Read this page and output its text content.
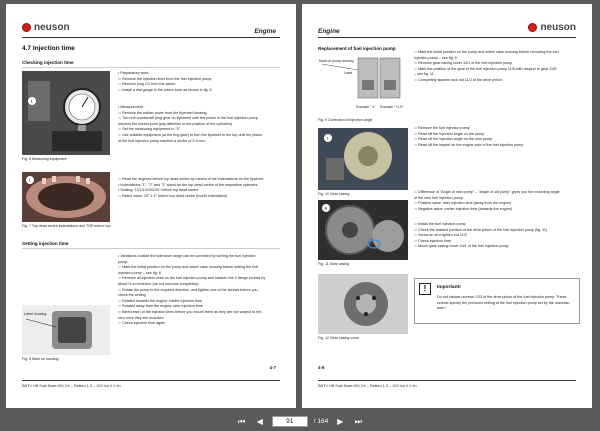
neuson	Engine
4.7 Injection time
Checking injection time
1
Fig. 6 Measuring equipment
• Preparatory work:
⇨ Remove the injection lines from the fuel injection pump
⇨ Remove plug 1/1 from the piston
⇨ Install a dial gauge in the piston bore as shown in fig. 6
• Measurement
⇨ Remove the rubber cover from the flywheel housing
⇨ Turn the crankshaft (ring gear on flywheel) until the piston in the fuel injection pump
reaches the lowest point (pay attention to the position of the cylinders)
⇨ Set the measuring equipment to "0".
⇨ Use suitable equipment (at the ring gear) to turn the flywheel to the top until the piston
of the fuel injection pump reaches a stroke of 2.5 mm.
1
Fig. 7 Top dead centre indentations and TOP before top
⇨ Read the degrees before top dead centre by means of the indentations on the flywheel
• Indentations "1", "2" and "3" stand for the top dead centre of the respective cylinders.
• Scaling: 12/1/10/20/120" before top dead centre
⇨ Rated value: 25° ± 1° before top dead centre (fourth indentation)
Setting injection time
Label housing
Fig. 8 Mark on housing
• Variations outside the tolerance range can be corrected by turning the fuel injection
pump.
⇨ Mark the initial position on the pump and wheel case housing before setting the fuel
injection pump – see fig. 8
⇨ Remove all injection lines on the fuel injection pump and slacken the 4 flange screws by
about ½ a revolution (do not unscrew completely)
⇨ Rotate the pump in the required direction, and tighten one of the screws before you
check the setting
⇨ Rotated towards the engine: earlier injection time
⇨ Rotated away from the engine: later injection time
⇨ Bleed each of the injection lines before you mount them as they are not subject to ten-
sion once they are mounted
⇨ Check injection time again
4-7
BBTV HB Sale Base 601 De – Balken 1.0 – 163 Ind 0.1 en
Engine	neuson
Replacement of fuel injection pump
Mark on pump housing
Label
Example "-1" Example "+1.5"
Fig. 9 Correction of injection angle
⇨ Mark the initial position on the pump and wheel case housing before removing the fuel
injection pump – see fig. 9
⇨ Remove gear casing cover 10/1 of the fuel injection pump
⇨ Mark the position of the gear of the fuel injection pump 11/A with respect to gear 11/B
– see fig. 11
⇨ Completely slacken lock nut 11/2 of the drive pinion
1
Fig. 10 Gear casing
⇨ Remove the fuel injection pump
⇨ Read off the injection angle on the pump
⇨ Read off the injection angle on the new pump
⇨ Read off the imprint on the engine side of the fuel injection pump
A
Fig. 11 Gear casing
⇨ Difference of "Angle of new pump" – "Angle of old pump" gives you the mounting angle
of the new fuel injection pump
⇨ Positive value: later injection time (away from the engine)
⇨ Negative value: earlier injection time (towards the engine)
⇨ Install the fuel injection pump
⇨ Check the marked position of the drive pinion of the fuel injection pump (fig. 11)
⇨ Screw on and tighten nut 11/2
⇨ Check injection time
⇨ Mount gear casing cover 10/1 of the fuel injection pump
Fig. 12 Gear casing cover
!	Important!
Do not slacken screws 12/3 of the drive pinion of the fuel injection pump. These
screws specify the precision setting of the fuel injection pump set by the manufac-
turer!
4-8
BBTV HB Sale Base 601 De – Balken 1.0 – 163 Ind 0.1 en
⏮	◀
91	/ 164	▶	⏭
